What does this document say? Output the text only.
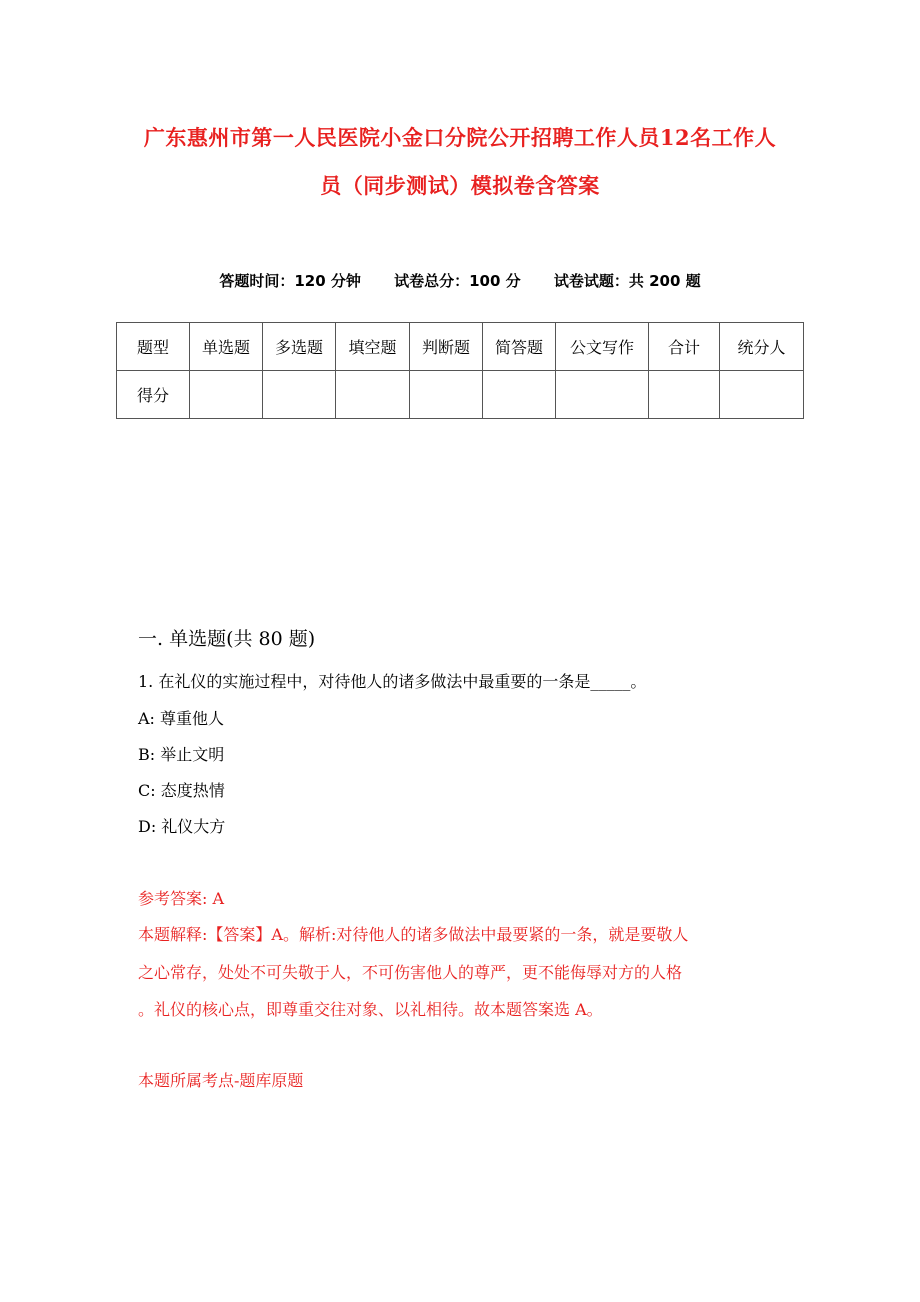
广东惠州市第一人民医院小金口分院公开招聘工作人员12名工作人
员（同步测试）模拟卷含答案
答题时间：120 分钟 试卷总分：100 分 试卷试题：共 200 题
题型	单选题	多选题	填空题	判断题	简答题	公文写作	合计	统分人
得分								
一. 单选题(共 80 题)
1. 在礼仪的实施过程中，对待他人的诸多做法中最重要的一条是_____。
A: 尊重他人
B: 举止文明
C: 态度热情
D: 礼仪大方
参考答案: A
本题解释:【答案】A。解析:对待他人的诸多做法中最要紧的一条，就是要敬人
之心常存，处处不可失敬于人，不可伤害他人的尊严，更不能侮辱对方的人格
。礼仪的核心点，即尊重交往对象、以礼相待。故本题答案选 A。
本题所属考点-题库原题
